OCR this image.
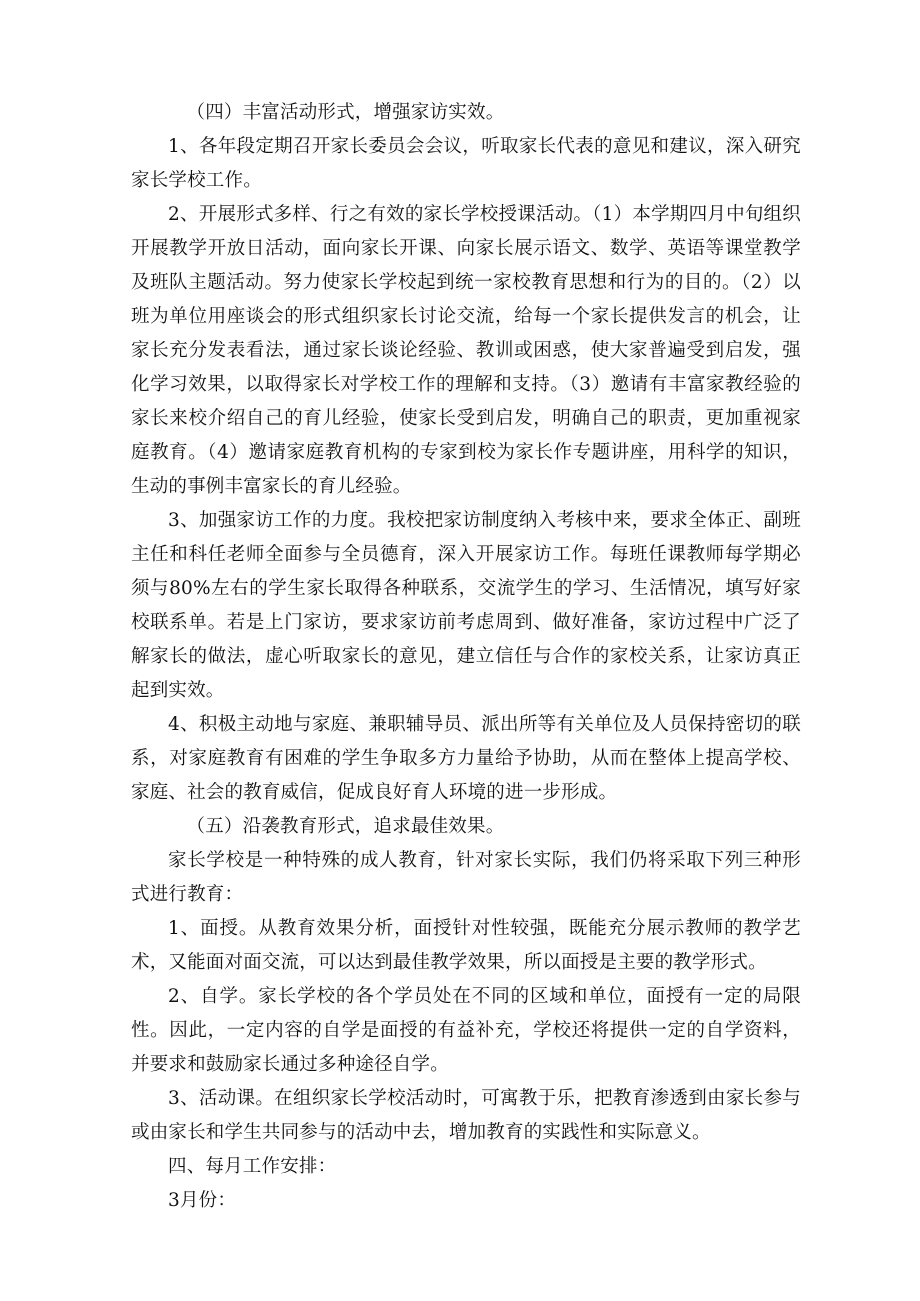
（四）丰富活动形式，增强家访实效。

1、各年段定期召开家长委员会会议，听取家长代表的意见和建议，深入研究家长学校工作。

2、开展形式多样、行之有效的家长学校授课活动。（1）本学期四月中旬组织开展教学开放日活动，面向家长开课、向家长展示语文、数学、英语等课堂教学及班队主题活动。努力使家长学校起到统一家校教育思想和行为的目的。（2）以班为单位用座谈会的形式组织家长讨论交流，给每一个家长提供发言的机会，让家长充分发表看法，通过家长谈论经验、教训或困惑，使大家普遍受到启发，强化学习效果，以取得家长对学校工作的理解和支持。（3）邀请有丰富家教经验的家长来校介绍自己的育儿经验，使家长受到启发，明确自己的职责，更加重视家庭教育。（4）邀请家庭教育机构的专家到校为家长作专题讲座，用科学的知识，生动的事例丰富家长的育儿经验。

3、加强家访工作的力度。我校把家访制度纳入考核中来，要求全体正、副班主任和科任老师全面参与全员德育，深入开展家访工作。每班任课教师每学期必须与80%左右的学生家长取得各种联系，交流学生的学习、生活情况，填写好家校联系单。若是上门家访，要求家访前考虑周到、做好准备，家访过程中广泛了解家长的做法，虚心听取家长的意见，建立信任与合作的家校关系，让家访真正起到实效。

4、积极主动地与家庭、兼职辅导员、派出所等有关单位及人员保持密切的联系，对家庭教育有困难的学生争取多方力量给予协助，从而在整体上提高学校、家庭、社会的教育威信，促成良好育人环境的进一步形成。

（五）沿袭教育形式，追求最佳效果。

家长学校是一种特殊的成人教育，针对家长实际，我们仍将采取下列三种形式进行教育：

1、面授。从教育效果分析，面授针对性较强，既能充分展示教师的教学艺术，又能面对面交流，可以达到最佳教学效果，所以面授是主要的教学形式。

2、自学。家长学校的各个学员处在不同的区域和单位，面授有一定的局限性。因此，一定内容的自学是面授的有益补充，学校还将提供一定的自学资料，并要求和鼓励家长通过多种途径自学。

3、活动课。在组织家长学校活动时，可寓教于乐，把教育渗透到由家长参与或由家长和学生共同参与的活动中去，增加教育的实践性和实际意义。

四、每月工作安排：

3月份：
